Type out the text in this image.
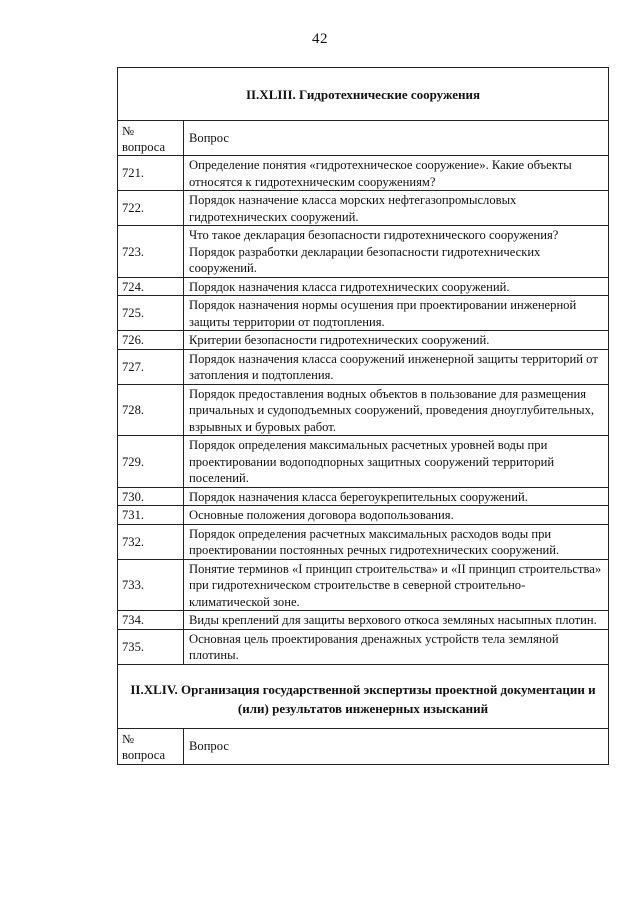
42
II.XLIII. Гидротехнические сооружения
№
вопроса	Вопрос
721.	Определение понятия «гидротехническое сооружение». Какие объекты относятся к гидротехническим сооружениям?
722.	Порядок назначение класса морских нефтегазопромысловых гидротехнических сооружений.
723.	Что такое декларация безопасности гидротехнического сооружения? Порядок разработки декларации безопасности гидротехнических сооружений.
724.	Порядок назначения класса гидротехнических сооружений.
725.	Порядок назначения нормы осушения при проектировании инженерной защиты территории от подтопления.
726.	Критерии безопасности гидротехнических сооружений.
727.	Порядок назначения класса сооружений инженерной защиты территорий от затопления и подтопления.
728.	Порядок предоставления водных объектов в пользование для размещения причальных и судоподъемных сооружений, проведения дноуглубительных, взрывных и буровых работ.
729.	Порядок определения максимальных расчетных уровней воды при проектировании водоподпорных защитных сооружений территорий поселений.
730.	Порядок назначения класса берегоукрепительных сооружений.
731.	Основные положения договора водопользования.
732.	Порядок определения расчетных максимальных расходов воды при проектировании постоянных речных гидротехнических сооружений.
733.	Понятие терминов «I принцип строительства» и «II принцип строительства» при гидротехническом строительстве в северной строительно-климатической зоне.
734.	Виды креплений для защиты верхового откоса земляных насыпных плотин.
735.	Основная цель проектирования дренажных устройств тела земляной плотины.
II.XLIV. Организация государственной экспертизы проектной документации и
(или) результатов инженерных изысканий
№
вопроса	Вопрос
